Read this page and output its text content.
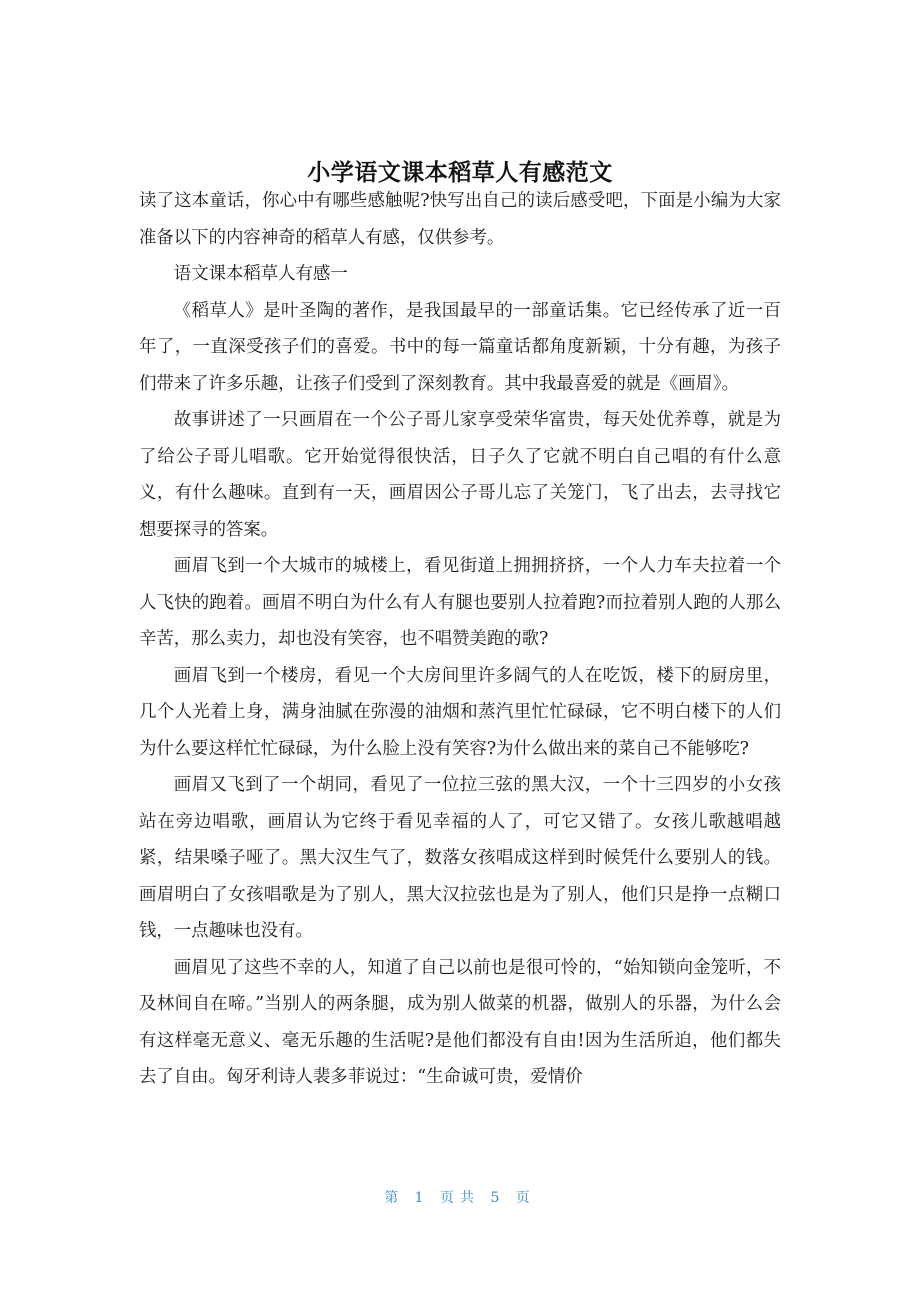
小学语文课本稻草人有感范文

读了这本童话，你心中有哪些感触呢?快写出自己的读后感受吧，下面是小编为大家准备以下的内容神奇的稻草人有感，仅供参考。

语文课本稻草人有感一

《稻草人》是叶圣陶的著作，是我国最早的一部童话集。它已经传承了近一百年了，一直深受孩子们的喜爱。书中的每一篇童话都角度新颖，十分有趣，为孩子们带来了许多乐趣，让孩子们受到了深刻教育。其中我最喜爱的就是《画眉》。

故事讲述了一只画眉在一个公子哥儿家享受荣华富贵，每天处优养尊，就是为了给公子哥儿唱歌。它开始觉得很快活，日子久了它就不明白自己唱的有什么意义，有什么趣味。直到有一天，画眉因公子哥儿忘了关笼门，飞了出去，去寻找它想要探寻的答案。

画眉飞到一个大城市的城楼上，看见街道上拥拥挤挤，一个人力车夫拉着一个人飞快的跑着。画眉不明白为什么有人有腿也要别人拉着跑?而拉着别人跑的人那么辛苦，那么卖力，却也没有笑容，也不唱赞美跑的歌?

画眉飞到一个楼房，看见一个大房间里许多阔气的人在吃饭，楼下的厨房里，几个人光着上身，满身油腻在弥漫的油烟和蒸汽里忙忙碌碌，它不明白楼下的人们为什么要这样忙忙碌碌，为什么脸上没有笑容?为什么做出来的菜自己不能够吃?

画眉又飞到了一个胡同，看见了一位拉三弦的黑大汉，一个十三四岁的小女孩站在旁边唱歌，画眉认为它终于看见幸福的人了，可它又错了。女孩儿歌越唱越紧，结果嗓子哑了。黑大汉生气了，数落女孩唱成这样到时候凭什么要别人的钱。画眉明白了女孩唱歌是为了别人，黑大汉拉弦也是为了别人，他们只是挣一点糊口钱，一点趣味也没有。

画眉见了这些不幸的人，知道了自己以前也是很可怜的，“始知锁向金笼听，不及林间自在啼。”当别人的两条腿，成为别人做菜的机器，做别人的乐器，为什么会有这样毫无意义、毫无乐趣的生活呢?是他们都没有自由!因为生活所迫，他们都失去了自由。匈牙利诗人裴多菲说过：“生命诚可贵，爱情价

第 1 页共 5 页
